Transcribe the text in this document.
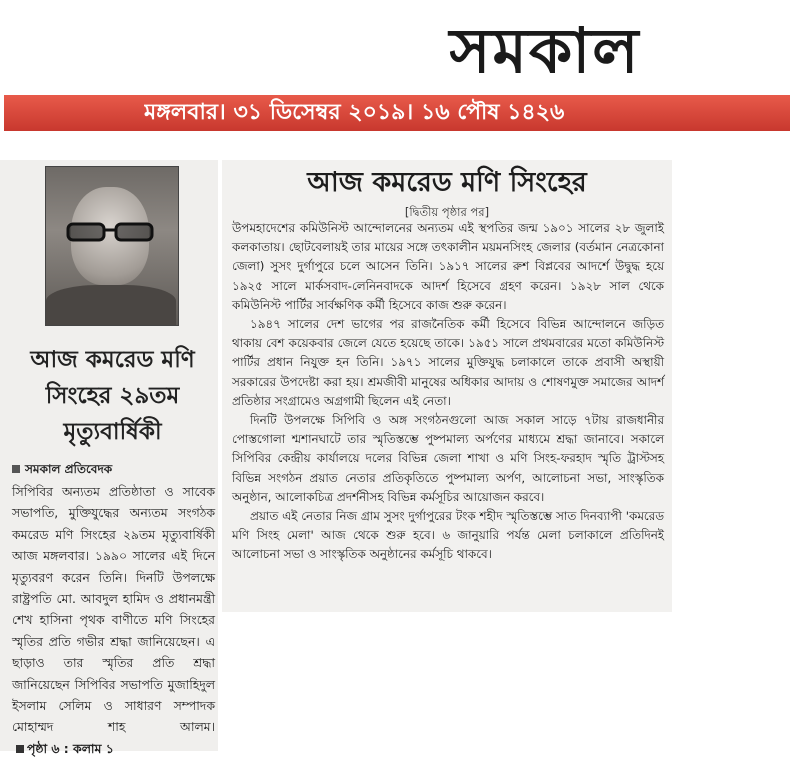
সমকাল
মঙ্গলবার। ৩১ ডিসেম্বর ২০১৯। ১৬ পৌষ ১৪২৬
আজ কমরেড মণি সিংহের ২৯তম মৃত্যুবার্ষিকী
সমকাল প্রতিবেদক
সিপিবির অন্যতম প্রতিষ্ঠাতা ও সাবেক সভাপতি, মুক্তিযুদ্ধের অন্যতম সংগঠক কমরেড মণি সিংহের ২৯তম মৃত্যুবার্ষিকী আজ মঙ্গলবার। ১৯৯০ সালের এই দিনে মৃত্যুবরণ করেন তিনি। দিনটি উপলক্ষে রাষ্ট্রপতি মো. আবদুল হামিদ ও প্রধানমন্ত্রী শেখ হাসিনা পৃথক বাণীতে মণি সিংহের স্মৃতির প্রতি গভীর শ্রদ্ধা জানিয়েছেন। এ ছাড়াও তার স্মৃতির প্রতি শ্রদ্ধা জানিয়েছেন সিপিবির সভাপতি মুজাহিদুল ইসলাম সেলিম ও সাধারণ সম্পাদক মোহাম্মদ শাহ আলম। পৃষ্ঠা ৬ : কলাম ১
আজ কমরেড মণি সিংহের
[দ্বিতীয় পৃষ্ঠার পর]

উপমহাদেশের কমিউনিস্ট আন্দোলনের অন্যতম এই স্থপতির জন্ম ১৯০১ সালের ২৮ জুলাই কলকাতায়। ছোটবেলায়ই তার মায়ের সঙ্গে তৎকালীন ময়মনসিংহ জেলার (বর্তমান নেত্রকোনা জেলা) সুসং দুর্গাপুরে চলে আসেন তিনি। ১৯১৭ সালের রুশ বিপ্লবের আদর্শে উদ্বুদ্ধ হয়ে ১৯২৫ সালে মার্কসবাদ-লেনিনবাদকে আদর্শ হিসেবে গ্রহণ করেন। ১৯২৮ সাল থেকে কমিউনিস্ট পার্টির সার্বক্ষণিক কর্মী হিসেবে কাজ শুরু করেন।

১৯৪৭ সালের দেশ ভাগের পর রাজনৈতিক কর্মী হিসেবে বিভিন্ন আন্দোলনে জড়িত থাকায় বেশ কয়েকবার জেলে যেতে হয়েছে তাকে। ১৯৫১ সালে প্রথমবারের মতো কমিউনিস্ট পার্টির প্রধান নিযুক্ত হন তিনি। ১৯৭১ সালের মুক্তিযুদ্ধ চলাকালে তাকে প্রবাসী অস্থায়ী সরকারের উপদেষ্টা করা হয়। শ্রমজীবী মানুষের অধিকার আদায় ও শোষণমুক্ত সমাজের আদর্শ প্রতিষ্ঠার সংগ্রামেও অগ্রগামী ছিলেন এই নেতা।

দিনটি উপলক্ষে সিপিবি ও অঙ্গ সংগঠনগুলো আজ সকাল সাড়ে ৭টায় রাজধানীর পোস্তগোলা শ্মশানঘাটে তার স্মৃতিস্তম্ভে পুষ্পমাল্য অর্পণের মাধ্যমে শ্রদ্ধা জানাবে। সকালে সিপিবির কেন্দ্রীয় কার্যালয়ে দলের বিভিন্ন জেলা শাখা ও মণি সিংহ-ফরহাদ স্মৃতি ট্রাস্টসহ বিভিন্ন সংগঠন প্রয়াত নেতার প্রতিকৃতিতে পুষ্পমাল্য অর্পণ, আলোচনা সভা, সাংস্কৃতিক অনুষ্ঠান, আলোকচিত্র প্রদর্শনীসহ বিভিন্ন কর্মসূচির আয়োজন করবে।

প্রয়াত এই নেতার নিজ গ্রাম সুসং দুর্গাপুরের টংক শহীদ স্মৃতিস্তম্ভে সাত দিনব্যাপী 'কমরেড মণি সিংহ মেলা' আজ থেকে শুরু হবে। ৬ জানুয়ারি পর্যন্ত মেলা চলাকালে প্রতিদিনই আলোচনা সভা ও সাংস্কৃতিক অনুষ্ঠানের কর্মসূচি থাকবে।
